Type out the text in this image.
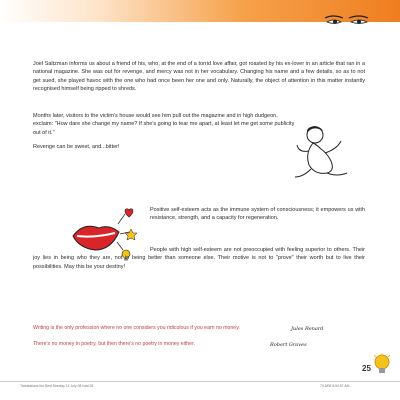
Joel Saltzman informs us about a friend of his, who, at the end of a torrid love affair, got roasted by his ex-lover in an article that ran in a national magazine. She was out for revenge, and mercy was not in her vocabulary. Changing his name and a few details, so as to not get sued, she played havoc with the one who had once been her one and only. Naturally, the object of attention in this matter instantly recognised himself being ripped to shreds.

Months later, visitors to the victim's house would see him pull out the magazine and in high dudgeon, exclaim: "How dare she change my name? If she's going to tear me apart, at least let me get some publicity out of it."

Revenge can be sweet, and...bitter!

Positive self-esteem acts as the immune system of consciousness; it empowers us with resistance, strength, and a capacity for regeneration.

People with high self-esteem are not preoccupied with feeling superior to others. Their joy lies in being who they are, not in being better than someone else. Their motive is not to "prove" their worth but to live their possibilities. May this be your destiny!

Writing is the only profession where no one considers you ridiculous if you earn no money.	Jules Renard
There's no money in poetry, but then there's no poetry in money either.	Robert Graves
25
Tweakisians the Best Monday 14 July 08.indd 25	7/15/08 8:54:57 AM
